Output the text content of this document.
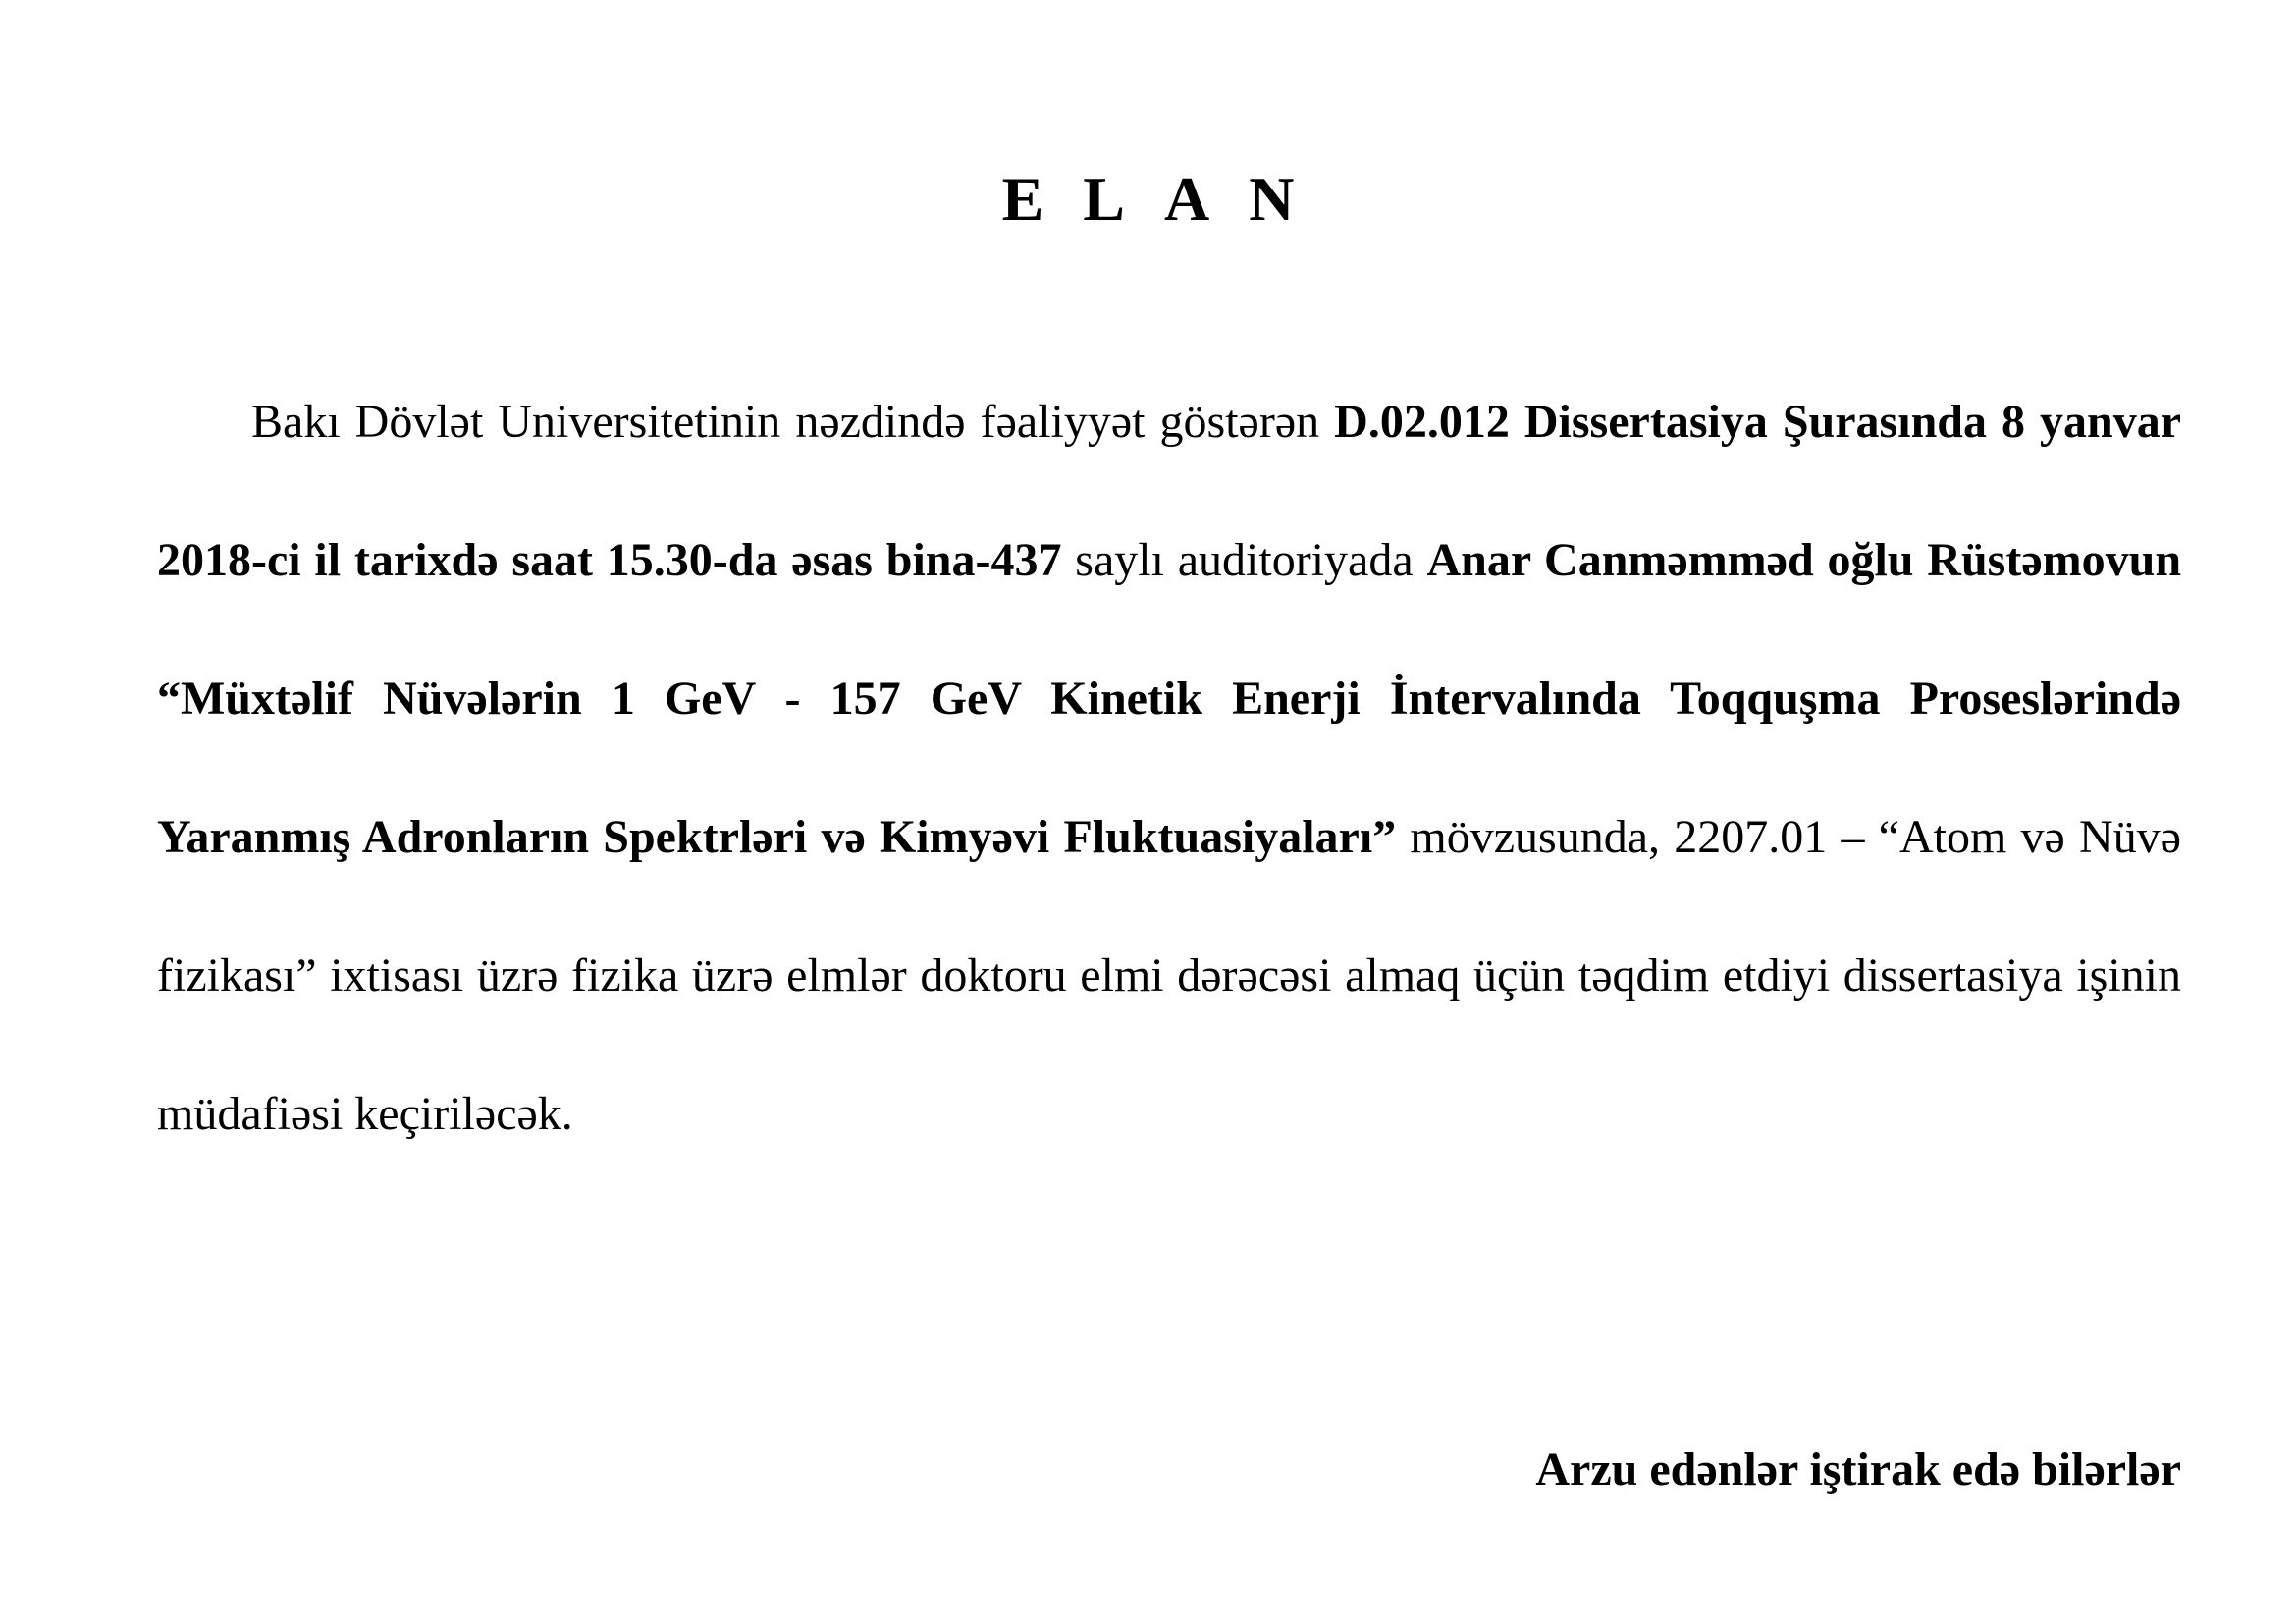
E L A N

Bakı Dövlət Universitetinin nəzdində fəaliyyət göstərən D.02.012 Dissertasiya Şurasında 8 yanvar 2018-ci il tarixdə saat 15.30-da əsas bina-437 saylı auditoriyada Anar Canməmməd oğlu Rüstəmovun “Müxtəlif Nüvələrin 1 GeV - 157 GeV Kinetik Enerji İntervalında Toqquşma Proseslərində Yaranmış Adronların Spektrləri və Kimyəvi Fluktuasiyaları” mövzusunda, 2207.01 – “Atom və Nüvə fizikası” ixtisası üzrə fizika üzrə elmlər doktoru elmi dərəcəsi almaq üçün təqdim etdiyi dissertasiya işinin müdafiəsi keçiriləcək.

Arzu edənlər iştirak edə bilərlər
